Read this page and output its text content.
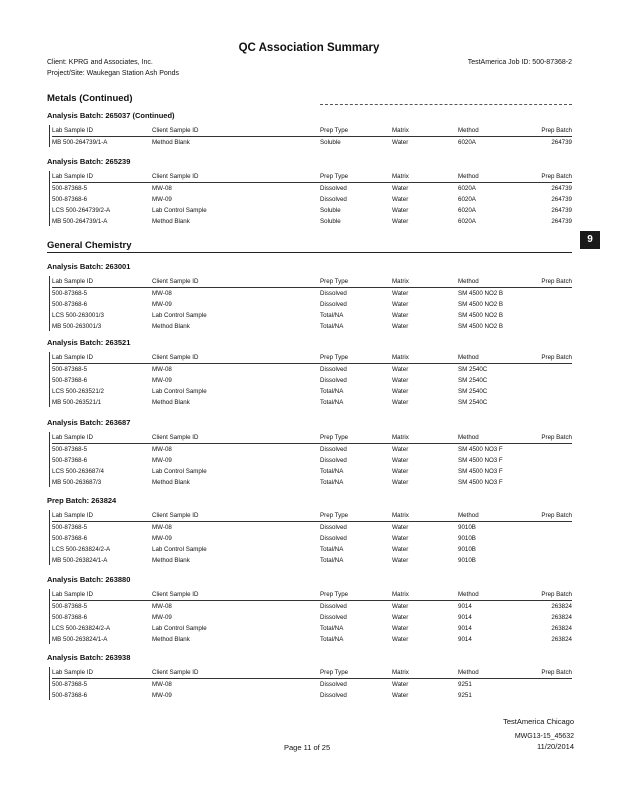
QC Association Summary
Client: KPRG and Associates, Inc.
Project/Site: Waukegan Station Ash Ponds
TestAmerica Job ID: 500-87368-2
Metals (Continued)
9
General Chemistry
Analysis Batch: 265037 (Continued)
Lab Sample ID	Client Sample ID	Prep Type	Matrix	Method	Prep Batch
MB 500-264739/1-A	Method Blank	Soluble	Water	6020A	264739
Analysis Batch: 265239
Lab Sample ID	Client Sample ID	Prep Type	Matrix	Method	Prep Batch
500-87368-5	MW-08	Dissolved	Water	6020A	264739
500-87368-6	MW-09	Dissolved	Water	6020A	264739
LCS 500-264739/2-A	Lab Control Sample	Soluble	Water	6020A	264739
MB 500-264739/1-A	Method Blank	Soluble	Water	6020A	264739
Analysis Batch: 263001
Lab Sample ID	Client Sample ID	Prep Type	Matrix	Method	Prep Batch
500-87368-5	MW-08	Dissolved	Water	SM 4500 NO2 B	
500-87368-6	MW-09	Dissolved	Water	SM 4500 NO2 B	
LCS 500-263001/3	Lab Control Sample	Total/NA	Water	SM 4500 NO2 B	
MB 500-263001/3	Method Blank	Total/NA	Water	SM 4500 NO2 B	
Analysis Batch: 263521
Lab Sample ID	Client Sample ID	Prep Type	Matrix	Method	Prep Batch
500-87368-5	MW-08	Dissolved	Water	SM 2540C	
500-87368-6	MW-09	Dissolved	Water	SM 2540C	
LCS 500-263521/2	Lab Control Sample	Total/NA	Water	SM 2540C	
MB 500-263521/1	Method Blank	Total/NA	Water	SM 2540C	
Analysis Batch: 263687
Lab Sample ID	Client Sample ID	Prep Type	Matrix	Method	Prep Batch
500-87368-5	MW-08	Dissolved	Water	SM 4500 NO3 F	
500-87368-6	MW-09	Dissolved	Water	SM 4500 NO3 F	
LCS 500-263687/4	Lab Control Sample	Total/NA	Water	SM 4500 NO3 F	
MB 500-263687/3	Method Blank	Total/NA	Water	SM 4500 NO3 F	
Prep Batch: 263824
Lab Sample ID	Client Sample ID	Prep Type	Matrix	Method	Prep Batch
500-87368-5	MW-08	Dissolved	Water	9010B	
500-87368-6	MW-09	Dissolved	Water	9010B	
LCS 500-263824/2-A	Lab Control Sample	Total/NA	Water	9010B	
MB 500-263824/1-A	Method Blank	Total/NA	Water	9010B	
Analysis Batch: 263880
Lab Sample ID	Client Sample ID	Prep Type	Matrix	Method	Prep Batch
500-87368-5	MW-08	Dissolved	Water	9014	263824
500-87368-6	MW-09	Dissolved	Water	9014	263824
LCS 500-263824/2-A	Lab Control Sample	Total/NA	Water	9014	263824
MB 500-263824/1-A	Method Blank	Total/NA	Water	9014	263824
Analysis Batch: 263938
Lab Sample ID	Client Sample ID	Prep Type	Matrix	Method	Prep Batch
500-87368-5	MW-08	Dissolved	Water	9251	
500-87368-6	MW-09	Dissolved	Water	9251	
TestAmerica Chicago
Page 11 of 25
MWG13-15_45632
11/20/2014
